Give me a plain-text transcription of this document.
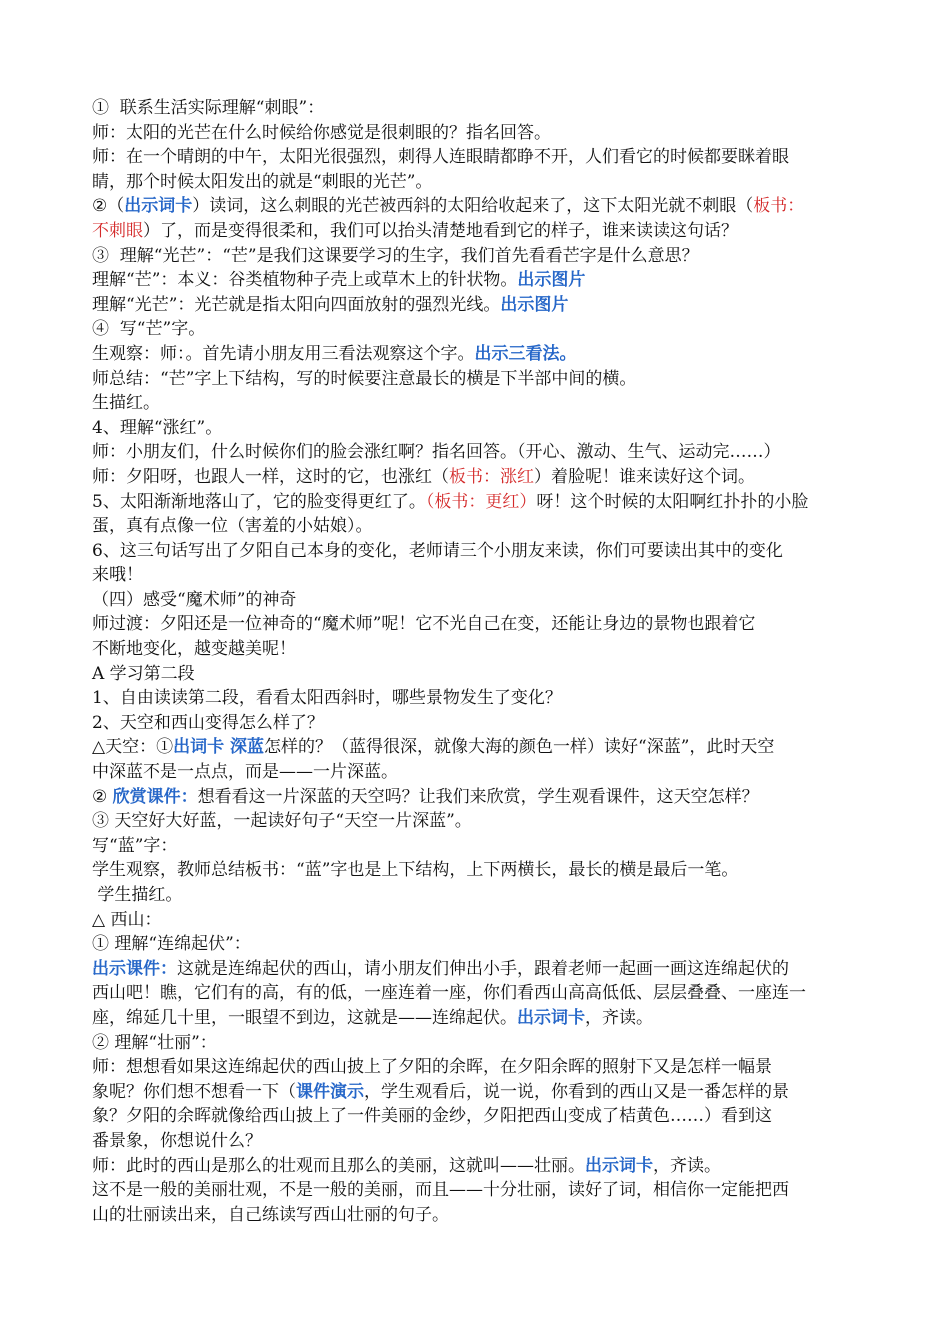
①  联系生活实际理解“刺眼”：
师：太阳的光芒在什么时候给你感觉是很刺眼的？指名回答。
师：在一个晴朗的中午，太阳光很强烈，刺得人连眼睛都睁不开，人们看它的时候都要眯着眼
睛，那个时候太阳发出的就是“刺眼的光芒”。
②（出示词卡）读词，这么刺眼的光芒被西斜的太阳给收起来了，这下太阳光就不刺眼（板书：
不刺眼）了，而是变得很柔和，我们可以抬头清楚地看到它的样子，谁来读读这句话？
③  理解“光芒”：“芒”是我们这课要学习的生字，我们首先看看芒字是什么意思？
理解“芒”：本义：谷类植物种子壳上或草木上的针状物。出示图片
理解“光芒”：光芒就是指太阳向四面放射的强烈光线。出示图片
④  写“芒”字。
生观察：师：。首先请小朋友用三看法观察这个字。出示三看法。
师总结：“芒”字上下结构，写的时候要注意最长的横是下半部中间的横。
生描红。
4、理解“涨红”。
师：小朋友们，什么时候你们的脸会涨红啊？指名回答。（开心、激动、生气、运动完……）
师：夕阳呀，也跟人一样，这时的它，也涨红（板书：涨红）着脸呢！谁来读好这个词。
5、太阳渐渐地落山了，它的脸变得更红了。（板书：更红）呀！这个时候的太阳啊红扑扑的小脸
蛋，真有点像一位（害羞的小姑娘）。
6、这三句话写出了夕阳自己本身的变化，老师请三个小朋友来读，你们可要读出其中的变化
来哦！
（四）感受“魔术师”的神奇
师过渡：夕阳还是一位神奇的“魔术师”呢！它不光自己在变，还能让身边的景物也跟着它
不断地变化，越变越美呢！
A 学习第二段
1、自由读读第二段，看看太阳西斜时，哪些景物发生了变化？
2、天空和西山变得怎么样了？
△天空：①出词卡 深蓝怎样的？（蓝得很深，就像大海的颜色一样）读好“深蓝”，此时天空
中深蓝不是一点点，而是——一片深蓝。
② 欣赏课件：想看看这一片深蓝的天空吗？让我们来欣赏，学生观看课件，这天空怎样？
③ 天空好大好蓝，一起读好句子“天空一片深蓝”。
写“蓝”字：
学生观察，教师总结板书：“蓝”字也是上下结构，上下两横长，最长的横是最后一笔。
学生描红。
△ 西山：
① 理解“连绵起伏”：
出示课件：这就是连绵起伏的西山，请小朋友们伸出小手，跟着老师一起画一画这连绵起伏的
西山吧！瞧，它们有的高，有的低，一座连着一座，你们看西山高高低低、层层叠叠、一座连一
座，绵延几十里，一眼望不到边，这就是——连绵起伏。出示词卡，齐读。
② 理解“壮丽”：
师：想想看如果这连绵起伏的西山披上了夕阳的余晖，在夕阳余晖的照射下又是怎样一幅景
象呢？你们想不想看一下（课件演示，学生观看后，说一说，你看到的西山又是一番怎样的景
象？夕阳的余晖就像给西山披上了一件美丽的金纱，夕阳把西山变成了桔黄色……）看到这
番景象，你想说什么？
师：此时的西山是那么的壮观而且那么的美丽，这就叫——壮丽。出示词卡，齐读。
这不是一般的美丽壮观，不是一般的美丽，而且——十分壮丽，读好了词，相信你一定能把西
山的壮丽读出来，自己练读写西山壮丽的句子。
